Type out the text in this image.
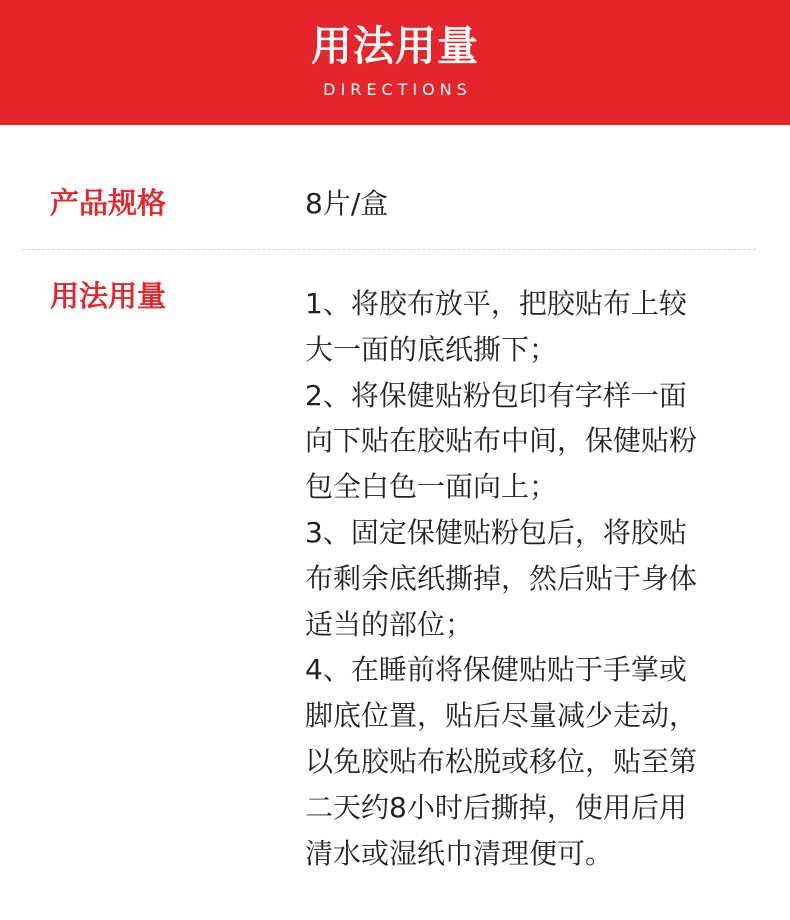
用法用量
DIRECTIONS
产品规格	8片/盒
用法用量	1、将胶布放平，把胶贴布上较
大一面的底纸撕下；
2、将保健贴粉包印有字样一面
向下贴在胶贴布中间，保健贴粉
包全白色一面向上；
3、固定保健贴粉包后，将胶贴
布剩余底纸撕掉，然后贴于身体
适当的部位；
4、在睡前将保健贴贴于手掌或
脚底位置，贴后尽量减少走动，
以免胶贴布松脱或移位，贴至第
二天约8小时后撕掉，使用后用
清水或湿纸巾清理便可。
